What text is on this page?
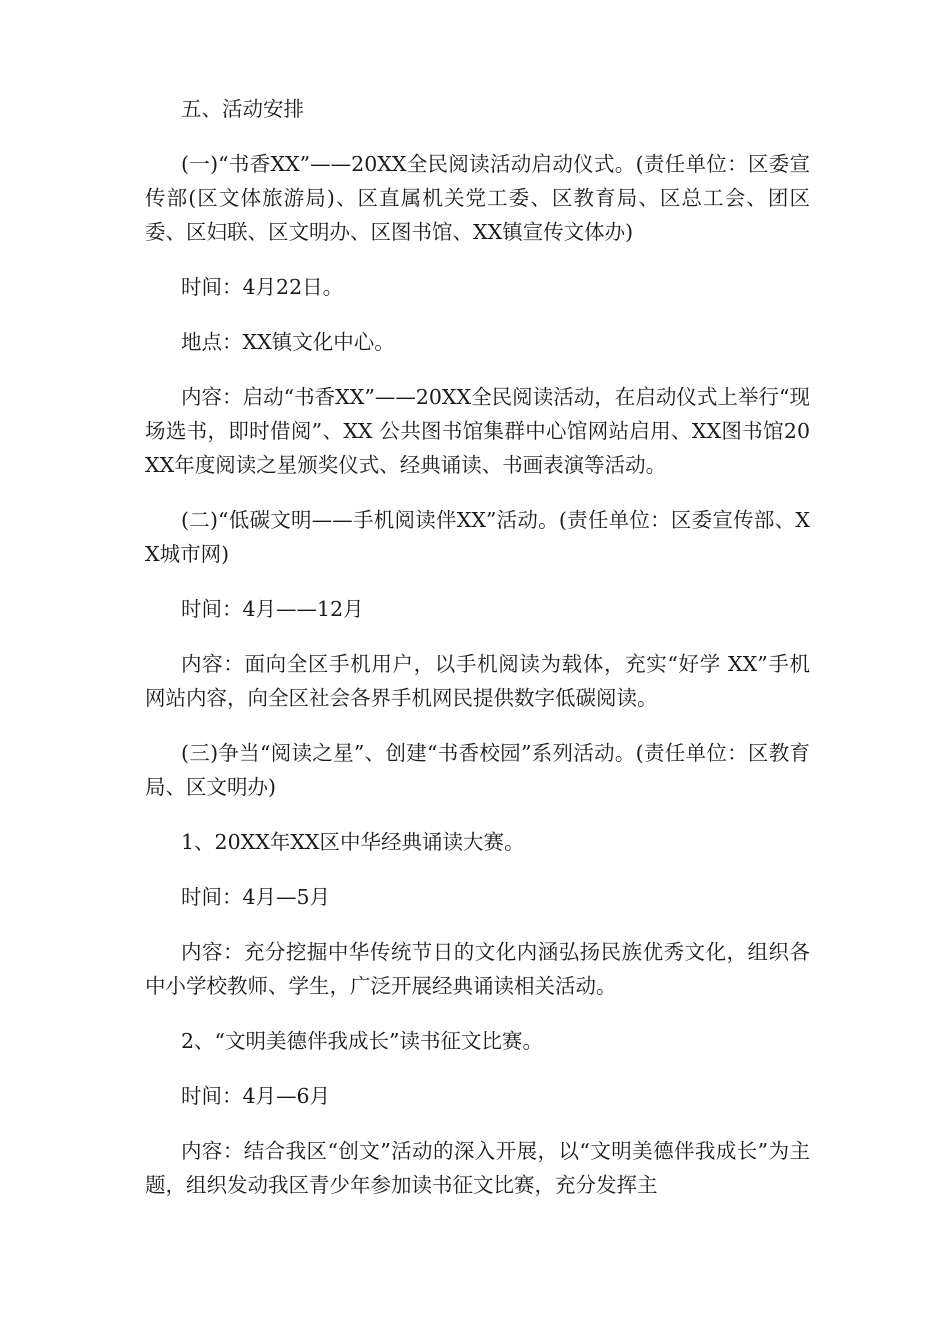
五、活动安排

(一)“书香XX”——20XX全民阅读活动启动仪式。(责任单位：区委宣传部(区文体旅游局)、区直属机关党工委、区教育局、区总工会、团区委、区妇联、区文明办、区图书馆、XX镇宣传文体办)

时间：4月22日。

地点：XX镇文化中心。

内容：启动“书香XX”——20XX全民阅读活动，在启动仪式上举行“现场选书，即时借阅”、XX 公共图书馆集群中心馆网站启用、XX图书馆20XX年度阅读之星颁奖仪式、经典诵读、书画表演等活动。

(二)“低碳文明——手机阅读伴XX”活动。(责任单位：区委宣传部、XX城市网)

时间：4月——12月

内容：面向全区手机用户，以手机阅读为载体，充实“好学 XX”手机网站内容，向全区社会各界手机网民提供数字低碳阅读。

(三)争当“阅读之星”、创建“书香校园”系列活动。(责任单位：区教育局、区文明办)

1、20XX年XX区中华经典诵读大赛。

时间：4月—5月

内容：充分挖掘中华传统节日的文化内涵弘扬民族优秀文化，组织各中小学校教师、学生，广泛开展经典诵读相关活动。

2、“文明美德伴我成长”读书征文比赛。

时间：4月—6月

内容：结合我区“创文”活动的深入开展，以“文明美德伴我成长”为主题，组织发动我区青少年参加读书征文比赛，充分发挥主
